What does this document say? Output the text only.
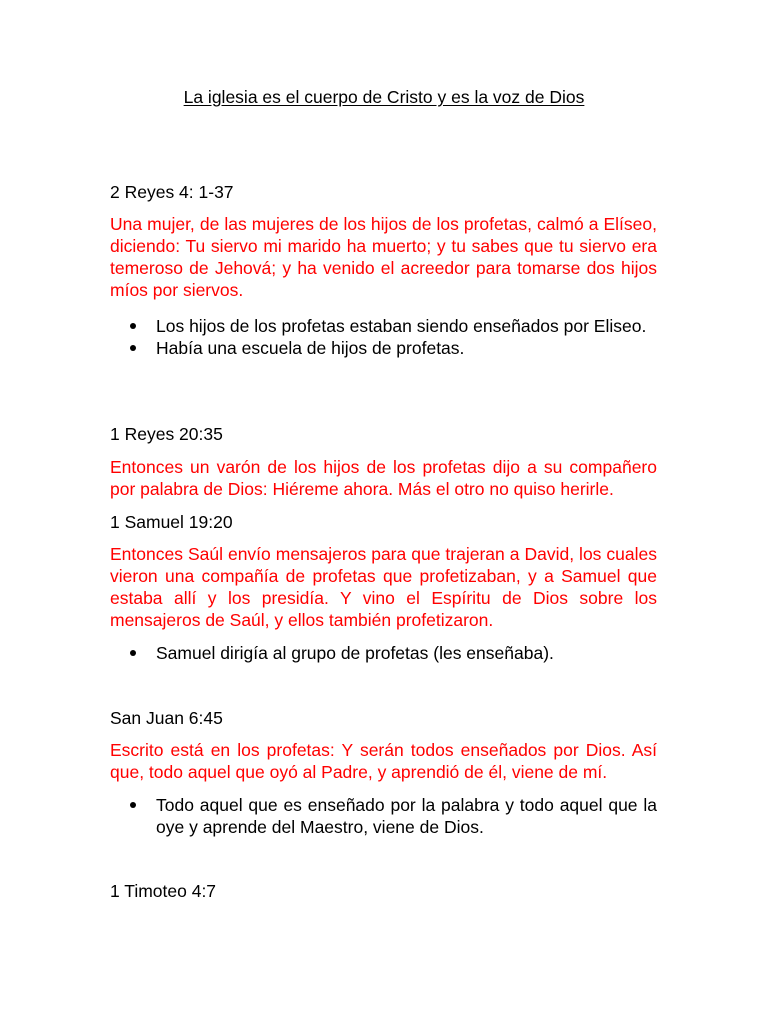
La iglesia es el cuerpo de Cristo y es la voz de Dios
2 Reyes 4: 1-37
Una mujer, de las mujeres de los hijos de los profetas, calmó a Elíseo, diciendo: Tu siervo mi marido ha muerto; y tu sabes que tu siervo era temeroso de Jehová; y ha venido el acreedor para tomarse dos hijos míos por siervos.
Los hijos de los profetas estaban siendo enseñados por Eliseo.
Había una escuela de hijos de profetas.
1 Reyes 20:35
Entonces un varón de los hijos de los profetas dijo a su compañero por palabra de Dios: Hiéreme ahora. Más el otro no quiso herirle.
1 Samuel 19:20
Entonces Saúl envío mensajeros para que trajeran a David, los cuales vieron una compañía de profetas que profetizaban, y a Samuel que estaba allí y los presidía. Y vino el Espíritu de Dios sobre los mensajeros de Saúl, y ellos también profetizaron.
Samuel dirigía al grupo de profetas (les enseñaba).
San Juan 6:45
Escrito está en los profetas: Y serán todos enseñados por Dios. Así que, todo aquel que oyó al Padre, y aprendió de él, viene de mí.
Todo aquel que es enseñado por la palabra y todo aquel que la oye y aprende del Maestro, viene de Dios.
1 Timoteo 4:7
